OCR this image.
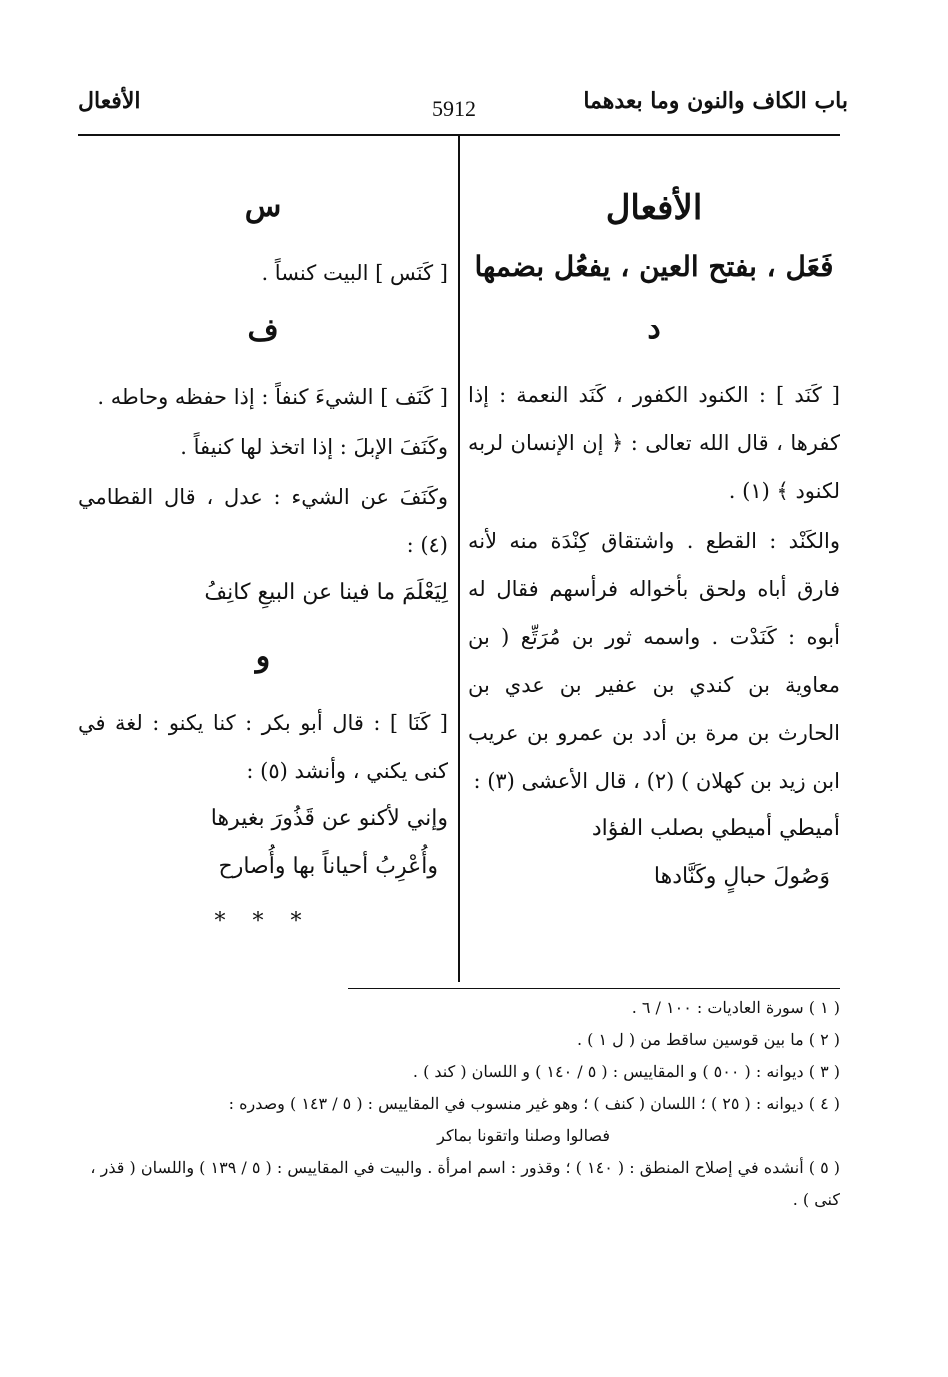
باب الكاف والنون وما بعدهما
5912
الأفعال
الأفعال
فَعَل ، بفتح العين ، يفعُل بضمها
د

[ كَنَد ] : الكنود الكفور ، كَنَد النعمة : إذا كفرها ، قال الله تعالى : ﴿ إن الإنسان لربه لكنود ﴾ (١) .

والكَنْد : القطع . واشتقاق كِنْدَة منه لأنه فارق أباه ولحق بأخواله فرأسهم فقال له أبوه : كَنَدْت . واسمه ثور بن مُرَتِّع ( بن معاوية بن كندي بن عفير بن عدي بن الحارث بن مرة بن أدد بن عمرو بن عريب ابن زيد بن كهلان ) (٢) ، قال الأعشى (٣) :

أميطي أميطي بصلب الفؤاد

وَصُولَ حبالٍ وكَنَّادها

س

[ كَنَس ] البيت كنساً .

ف

[ كَنَف ] الشيءَ كنفاً : إذا حفظه وحاطه .

وكَنَفَ الإبلَ : إذا اتخذ لها كنيفاً .

وكَنَفَ عن الشيء : عدل ، قال القطامي (٤) :

لِيَعْلَمَ ما فينا عن البيعِ كانِفُ

و

[ كَنَا ] : قال أبو بكر : كنا يكنو : لغة في كنى يكني ، وأنشد (٥) :

وإني لأكنو عن قَذُورَ بغيرها

وأُعْرِبُ أحياناً بها وأُصارح

* * *

( ١ ) سورة العاديات : ١٠٠ / ٦ .

( ٢ ) ما بين قوسين ساقط من ( ل ١ ) .

( ٣ ) ديوانه : ( ٥٠٠ ) و المقاييس : ( ٥ / ١٤٠ ) و اللسان ( كند ) .

( ٤ ) ديوانه : ( ٢٥ ) ؛ اللسان ( كنف ) ؛ وهو غير منسوب في المقاييس : ( ٥ / ١٤٣ ) وصدره :

فصالوا وصلنا واتقونا بماكر

( ٥ ) أنشده في إصلاح المنطق : ( ١٤٠ ) ؛ وقذور : اسم امرأة . والبيت في المقاييس : ( ٥ / ١٣٩ ) واللسان ( قذر ، كنى ) .
